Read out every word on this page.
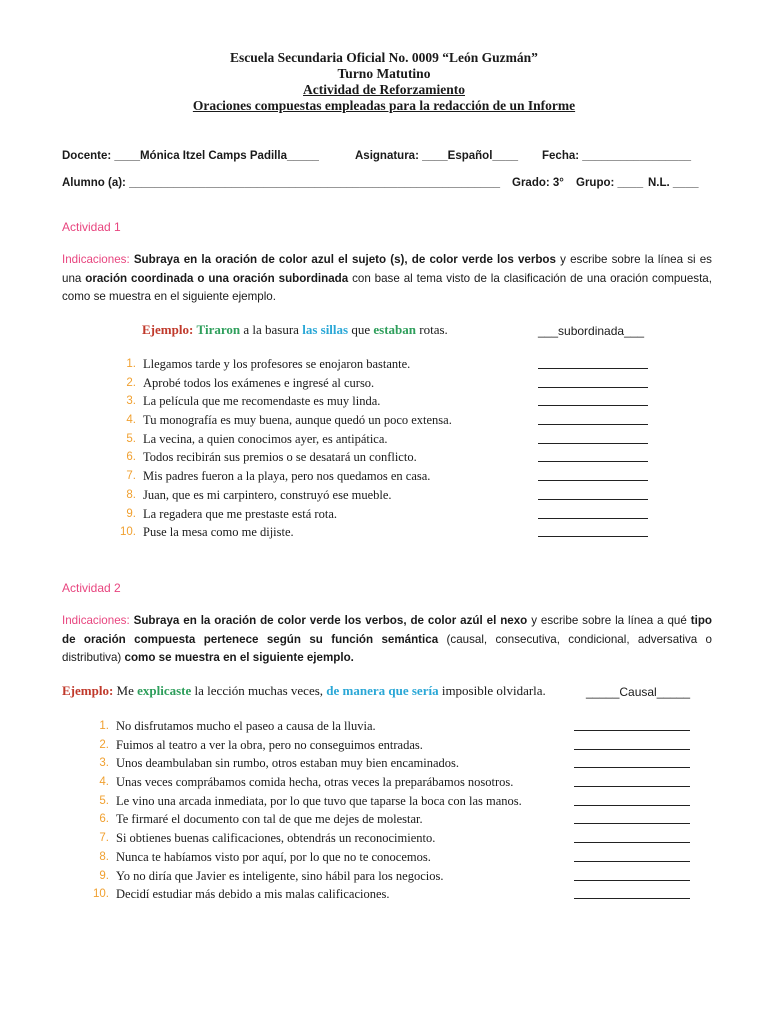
Escuela Secundaria Oficial No. 0009 “León Guzmán”
Turno Matutino
Actividad de Reforzamiento
Oraciones compuestas empleadas para la redacción de un Informe
Docente: ____Mónica Itzel Camps Padilla_____	Asignatura: ____Español____ Fecha: _________________
Alumno (a): __________________________________________________________ Grado: 3° Grupo: ____ N.L. ____
Actividad 1
Indicaciones: Subraya en la oración de color azul el sujeto (s), de color verde los verbos y escribe sobre la línea si es una oración coordinada o una oración subordinada con base al tema visto de la clasificación de una oración compuesta, como se muestra en el siguiente ejemplo.
Ejemplo: Tiraron a la basura las sillas que estaban rotas.	___subordinada___
1. Llegamos tarde y los profesores se enojaron bastante.
2. Aprobé todos los exámenes e ingresé al curso.
3. La película que me recomendaste es muy linda.
4. Tu monografía es muy buena, aunque quedó un poco extensa.
5. La vecina, a quien conocimos ayer, es antipática.
6. Todos recibirán sus premios o se desatará un conflicto.
7. Mis padres fueron a la playa, pero nos quedamos en casa.
8. Juan, que es mi carpintero, construyó ese mueble.
9. La regadera que me prestaste está rota.
10. Puse la mesa como me dijiste.
Actividad 2
Indicaciones: Subraya en la oración de color verde los verbos, de color azúl el nexo y escribe sobre la línea a qué tipo de oración compuesta pertenece según su función semántica (causal, consecutiva, condicional, adversativa o distributiva) como se muestra en el siguiente ejemplo.
Ejemplo: Me explicaste la lección muchas veces, de manera que sería imposible olvidarla.	_____Causal_____
1. No disfrutamos mucho el paseo a causa de la lluvia.
2. Fuimos al teatro a ver la obra, pero no conseguimos entradas.
3. Unos deambulaban sin rumbo, otros estaban muy bien encaminados.
4. Unas veces comprábamos comida hecha, otras veces la preparábamos nosotros.
5. Le vino una arcada inmediata, por lo que tuvo que taparse la boca con las manos.
6. Te firmaré el documento con tal de que me dejes de molestar.
7. Si obtienes buenas calificaciones, obtendrás un reconocimiento.
8. Nunca te habíamos visto por aquí, por lo que no te conocemos.
9. Yo no diría que Javier es inteligente, sino hábil para los negocios.
10. Decidí estudiar más debido a mis malas calificaciones.
